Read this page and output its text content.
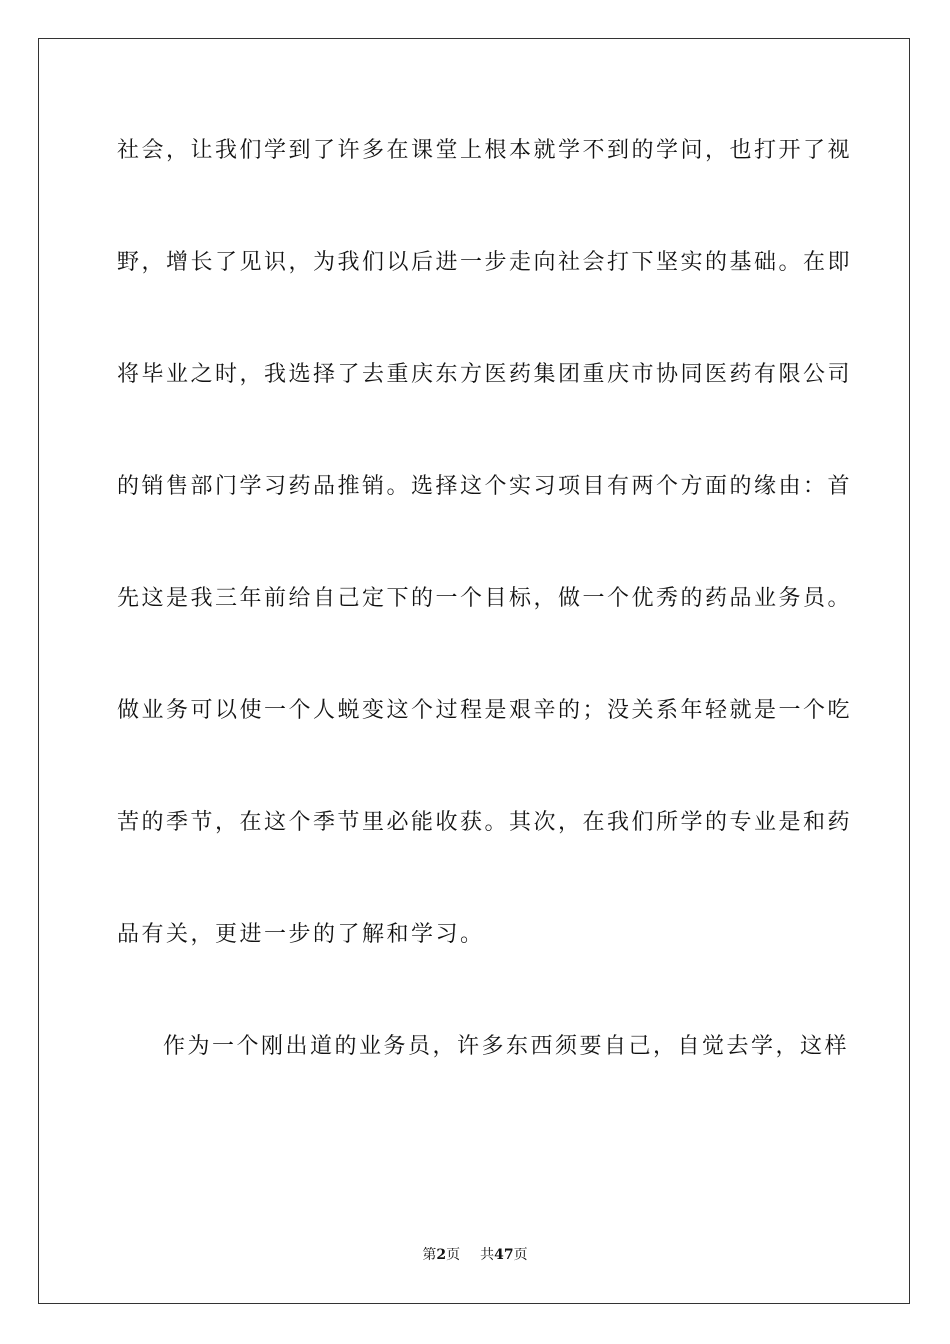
社会，让我们学到了许多在课堂上根本就学不到的学问，也打开了视
野，增长了见识，为我们以后进一步走向社会打下坚实的基础。在即
将毕业之时，我选择了去重庆东方医药集团重庆市协同医药有限公司
的销售部门学习药品推销。选择这个实习项目有两个方面的缘由：首
先这是我三年前给自己定下的一个目标，做一个优秀的药品业务员。
做业务可以使一个人蜕变这个过程是艰辛的；没关系年轻就是一个吃
苦的季节，在这个季节里必能收获。其次，在我们所学的专业是和药
品有关，更进一步的了解和学习。
作为一个刚出道的业务员，许多东西须要自己，自觉去学，这样
第2页 共47页
